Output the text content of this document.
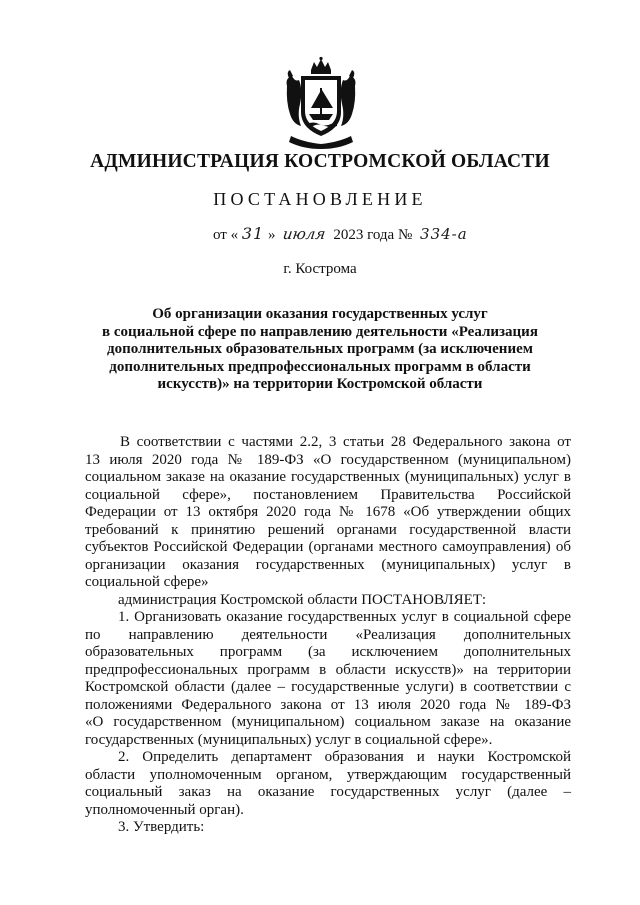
АДМИНИСТРАЦИЯ КОСТРОМСКОЙ ОБЛАСТИ
ПОСТАНОВЛЕНИЕ
от « 31 » июля 2023 года № 334-а
г. Кострома
Об организации оказания государственных услуг
в социальной сфере по направлению деятельности «Реализация
дополнительных образовательных программ (за исключением
дополнительных предпрофессиональных программ в области
искусств)» на территории Костромской области
В соответствии с частями 2.2, 3 статьи 28 Федерального закона от
13 июля 2020 года № 189-ФЗ «О государственном (муниципальном)
социальном заказе на оказание государственных (муниципальных) услуг в
социальной сфере», постановлением Правительства Российской
Федерации от 13 октября 2020 года № 1678 «Об утверждении общих
требований к принятию решений органами государственной власти
субъектов Российской Федерации (органами местного самоуправления) об
организации оказания государственных (муниципальных) услуг в
социальной сфере»
администрация Костромской области ПОСТАНОВЛЯЕТ:
1. Организовать оказание государственных услуг в социальной сфере
по направлению деятельности «Реализация дополнительных
образовательных программ (за исключением дополнительных
предпрофессиональных программ в области искусств)» на территории
Костромской области (далее – государственные услуги) в соответствии с
положениями Федерального закона от 13 июля 2020 года № 189-ФЗ
«О государственном (муниципальном) социальном заказе на оказание
государственных (муниципальных) услуг в социальной сфере».
2. Определить департамент образования и науки Костромской
области уполномоченным органом, утверждающим государственный
социальный заказ на оказание государственных услуг (далее –
уполномоченный орган).
3. Утвердить:
